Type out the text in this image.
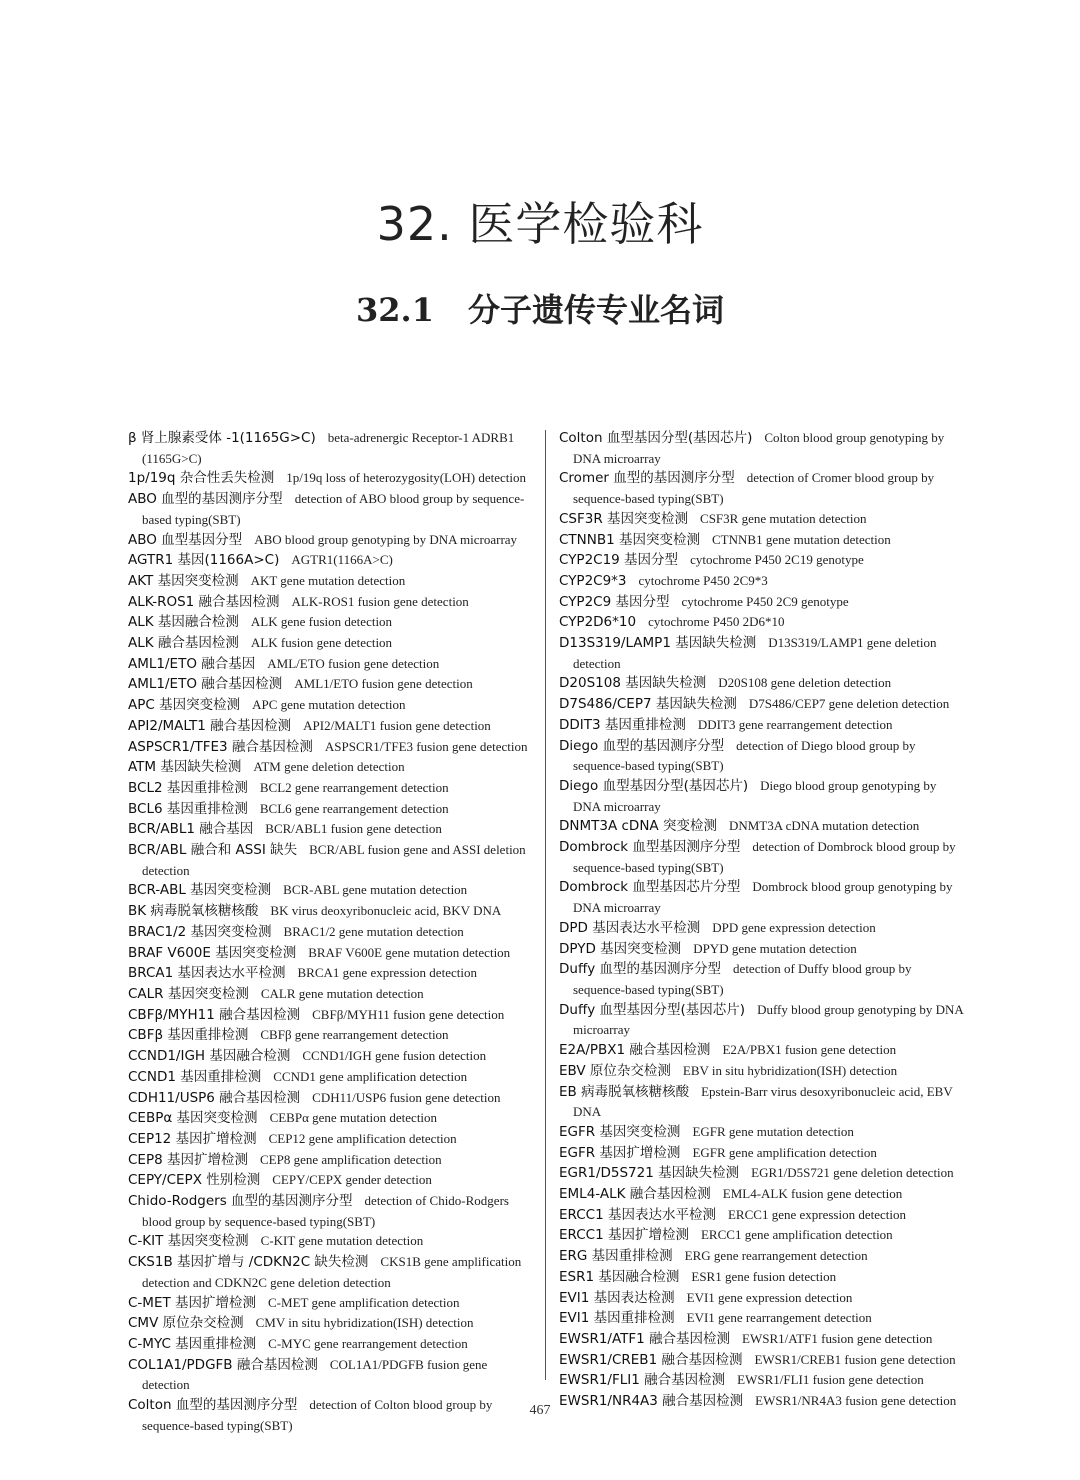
32. 医学检验科
32.1 分子遗传专业名词
β 肾上腺素受体 -1(1165G>C) beta-adrenergic Receptor-1 ADRB1 (1165G>C)
1p/19q 杂合性丢失检测 1p/19q loss of heterozygosity(LOH) detection
ABO 血型的基因测序分型 detection of ABO blood group by sequence-based typing(SBT)
ABO 血型基因分型 ABO blood group genotyping by DNA microarray
AGTR1 基因(1166A>C) AGTR1(1166A>C)
AKT 基因突变检测 AKT gene mutation detection
ALK-ROS1 融合基因检测 ALK-ROS1 fusion gene detection
ALK 基因融合检测 ALK gene fusion detection
ALK 融合基因检测 ALK fusion gene detection
AML1/ETO 融合基因 AML/ETO fusion gene detection
AML1/ETO 融合基因检测 AML1/ETO fusion gene detection
APC 基因突变检测 APC gene mutation detection
API2/MALT1 融合基因检测 API2/MALT1 fusion gene detection
ASPSCR1/TFE3 融合基因检测 ASPSCR1/TFE3 fusion gene detection
ATM 基因缺失检测 ATM gene deletion detection
BCL2 基因重排检测 BCL2 gene rearrangement detection
BCL6 基因重排检测 BCL6 gene rearrangement detection
BCR/ABL1 融合基因 BCR/ABL1 fusion gene detection
BCR/ABL 融合和 ASSI 缺失 BCR/ABL fusion gene and ASSI deletion detection
BCR-ABL 基因突变检测 BCR-ABL gene mutation detection
BK 病毒脱氧核糖核酸 BK virus deoxyribonucleic acid, BKV DNA
BRAC1/2 基因突变检测 BRAC1/2 gene mutation detection
BRAF V600E 基因突变检测 BRAF V600E gene mutation detection
BRCA1 基因表达水平检测 BRCA1 gene expression detection
CALR 基因突变检测 CALR gene mutation detection
CBFβ/MYH11 融合基因检测 CBFβ/MYH11 fusion gene detection
CBFβ 基因重排检测 CBFβ gene rearrangement detection
CCND1/IGH 基因融合检测 CCND1/IGH gene fusion detection
CCND1 基因重排检测 CCND1 gene amplification detection
CDH11/USP6 融合基因检测 CDH11/USP6 fusion gene detection
CEBPα 基因突变检测 CEBPα gene mutation detection
CEP12 基因扩增检测 CEP12 gene amplification detection
CEP8 基因扩增检测 CEP8 gene amplification detection
CEPY/CEPX 性别检测 CEPY/CEPX gender detection
Chido-Rodgers 血型的基因测序分型 detection of Chido-Rodgers blood group by sequence-based typing(SBT)
C-KIT 基因突变检测 C-KIT gene mutation detection
CKS1B 基因扩增与 /CDKN2C 缺失检测 CKS1B gene amplification detection and CDKN2C gene deletion detection
C-MET 基因扩增检测 C-MET gene amplification detection
CMV 原位杂交检测 CMV in situ hybridization(ISH) detection
C-MYC 基因重排检测 C-MYC gene rearrangement detection
COL1A1/PDGFB 融合基因检测 COL1A1/PDGFB fusion gene detection
Colton 血型的基因测序分型 detection of Colton blood group by sequence-based typing(SBT)
Colton 血型基因分型(基因芯片) Colton blood group genotyping by DNA microarray
Cromer 血型的基因测序分型 detection of Cromer blood group by sequence-based typing(SBT)
CSF3R 基因突变检测 CSF3R gene mutation detection
CTNNB1 基因突变检测 CTNNB1 gene mutation detection
CYP2C19 基因分型 cytochrome P450 2C19 genotype
CYP2C9*3 cytochrome P450 2C9*3
CYP2C9 基因分型 cytochrome P450 2C9 genotype
CYP2D6*10 cytochrome P450 2D6*10
D13S319/LAMP1 基因缺失检测 D13S319/LAMP1 gene deletion detection
D20S108 基因缺失检测 D20S108 gene deletion detection
D7S486/CEP7 基因缺失检测 D7S486/CEP7 gene deletion detection
DDIT3 基因重排检测 DDIT3 gene rearrangement detection
Diego 血型的基因测序分型 detection of Diego blood group by sequence-based typing(SBT)
Diego 血型基因分型(基因芯片) Diego blood group genotyping by DNA microarray
DNMT3A cDNA 突变检测 DNMT3A cDNA mutation detection
Dombrock 血型基因测序分型 detection of Dombrock blood group by sequence-based typing(SBT)
Dombrock 血型基因芯片分型 Dombrock blood group genotyping by DNA microarray
DPD 基因表达水平检测 DPD gene expression detection
DPYD 基因突变检测 DPYD gene mutation detection
Duffy 血型的基因测序分型 detection of Duffy blood group by sequence-based typing(SBT)
Duffy 血型基因分型(基因芯片) Duffy blood group genotyping by DNA microarray
E2A/PBX1 融合基因检测 E2A/PBX1 fusion gene detection
EBV 原位杂交检测 EBV in situ hybridization(ISH) detection
EB 病毒脱氧核糖核酸 Epstein-Barr virus desoxyribonucleic acid, EBV DNA
EGFR 基因突变检测 EGFR gene mutation detection
EGFR 基因扩增检测 EGFR gene amplification detection
EGR1/D5S721 基因缺失检测 EGR1/D5S721 gene deletion detection
EML4-ALK 融合基因检测 EML4-ALK fusion gene detection
ERCC1 基因表达水平检测 ERCC1 gene expression detection
ERCC1 基因扩增检测 ERCC1 gene amplification detection
ERG 基因重排检测 ERG gene rearrangement detection
ESR1 基因融合检测 ESR1 gene fusion detection
EVI1 基因表达检测 EVI1 gene expression detection
EVI1 基因重排检测 EVI1 gene rearrangement detection
EWSR1/ATF1 融合基因检测 EWSR1/ATF1 fusion gene detection
EWSR1/CREB1 融合基因检测 EWSR1/CREB1 fusion gene detection
EWSR1/FLI1 融合基因检测 EWSR1/FLI1 fusion gene detection
EWSR1/NR4A3 融合基因检测 EWSR1/NR4A3 fusion gene detection
467
